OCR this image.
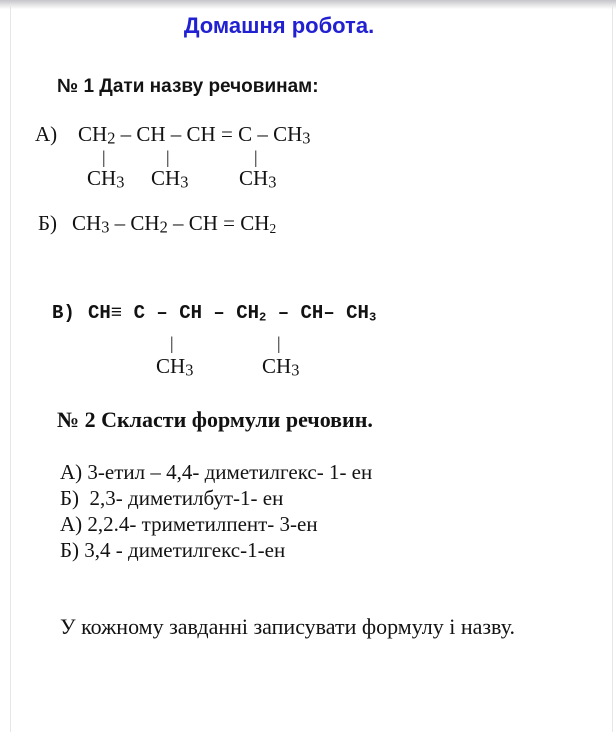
Домашня робота.
№ 1 Дати назву речовинам:
А) CH2 – CH – CH = C – CH3
|	|	|
CH3 CH3 CH3
Б) CH3 – CH2 – CH = CH2
В) CH≡ C – CH – CH2 – CH– CH3
|	|
CH3	CH3
№ 2 Скласти формули речовин.
А) 3-етил – 4,4- диметилгекс- 1- ен
Б)  2,3- диметилбут-1- ен
А) 2,2.4- триметилпент- 3-ен
Б) 3,4 - диметилгекс-1-ен

У кожному завданні записувати формулу і назву.
